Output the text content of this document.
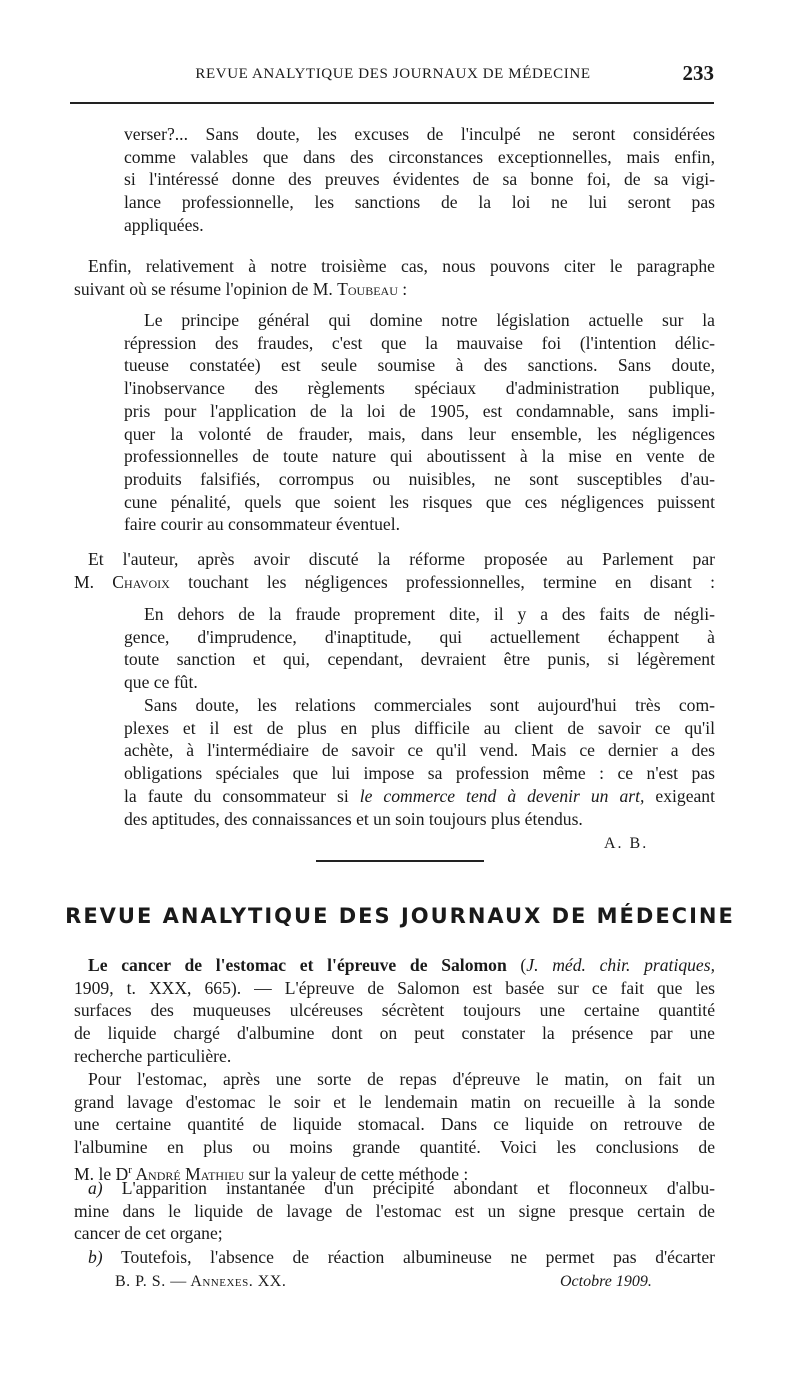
REVUE ANALYTIQUE DES JOURNAUX DE MÉDECINE	233
verser?... Sans doute, les excuses de l'inculpé ne seront considérées
comme valables que dans des circonstances exceptionnelles, mais enfin,
si l'intéressé donne des preuves évidentes de sa bonne foi, de sa vigi-
lance professionnelle, les sanctions de la loi ne lui seront pas
appliquées.
Enfin, relativement à notre troisième cas, nous pouvons citer le paragraphe
suivant où se résume l'opinion de M. Toubeau :
Le principe général qui domine notre législation actuelle sur la
répression des fraudes, c'est que la mauvaise foi (l'intention délic-
tueuse constatée) est seule soumise à des sanctions. Sans doute,
l'inobservance des règlements spéciaux d'administration publique,
pris pour l'application de la loi de 1905, est condamnable, sans impli-
quer la volonté de frauder, mais, dans leur ensemble, les négligences
professionnelles de toute nature qui aboutissent à la mise en vente de
produits falsifiés, corrompus ou nuisibles, ne sont susceptibles d'au-
cune pénalité, quels que soient les risques que ces négligences puissent
faire courir au consommateur éventuel.
Et l'auteur, après avoir discuté la réforme proposée au Parlement par
M. Chavoix touchant les négligences professionnelles, termine en disant :
En dehors de la fraude proprement dite, il y a des faits de négli-
gence, d'imprudence, d'inaptitude, qui actuellement échappent à
toute sanction et qui, cependant, devraient être punis, si légèrement
que ce fût.
Sans doute, les relations commerciales sont aujourd'hui très com-
plexes et il est de plus en plus difficile au client de savoir ce qu'il
achète, à l'intermédiaire de savoir ce qu'il vend. Mais ce dernier a des
obligations spéciales que lui impose sa profession même : ce n'est pas
la faute du consommateur si le commerce tend à devenir un art, exigeant
des aptitudes, des connaissances et un soin toujours plus étendus.
A. B.
REVUE ANALYTIQUE DES JOURNAUX DE MÉDECINE
Le cancer de l'estomac et l'épreuve de Salomon (J. méd. chir. pratiques,
1909, t. XXX, 665). — L'épreuve de Salomon est basée sur ce fait que les
surfaces des muqueuses ulcéreuses sécrètent toujours une certaine quantité
de liquide chargé d'albumine dont on peut constater la présence par une
recherche particulière.
Pour l'estomac, après une sorte de repas d'épreuve le matin, on fait un
grand lavage d'estomac le soir et le lendemain matin on recueille à la sonde
une certaine quantité de liquide stomacal. Dans ce liquide on retrouve de
l'albumine en plus ou moins grande quantité. Voici les conclusions de
M. le $D^r$ André Mathieu sur la valeur de cette méthode :
a) L'apparition instantanée d'un précipité abondant et floconneux d'albu-
mine dans le liquide de lavage de l'estomac est un signe presque certain de
cancer de cet organe;
b) Toutefois, l'absence de réaction albumineuse ne permet pas d'écarter
B. P. S. — Annexes. XX.	Octobre 1909.
